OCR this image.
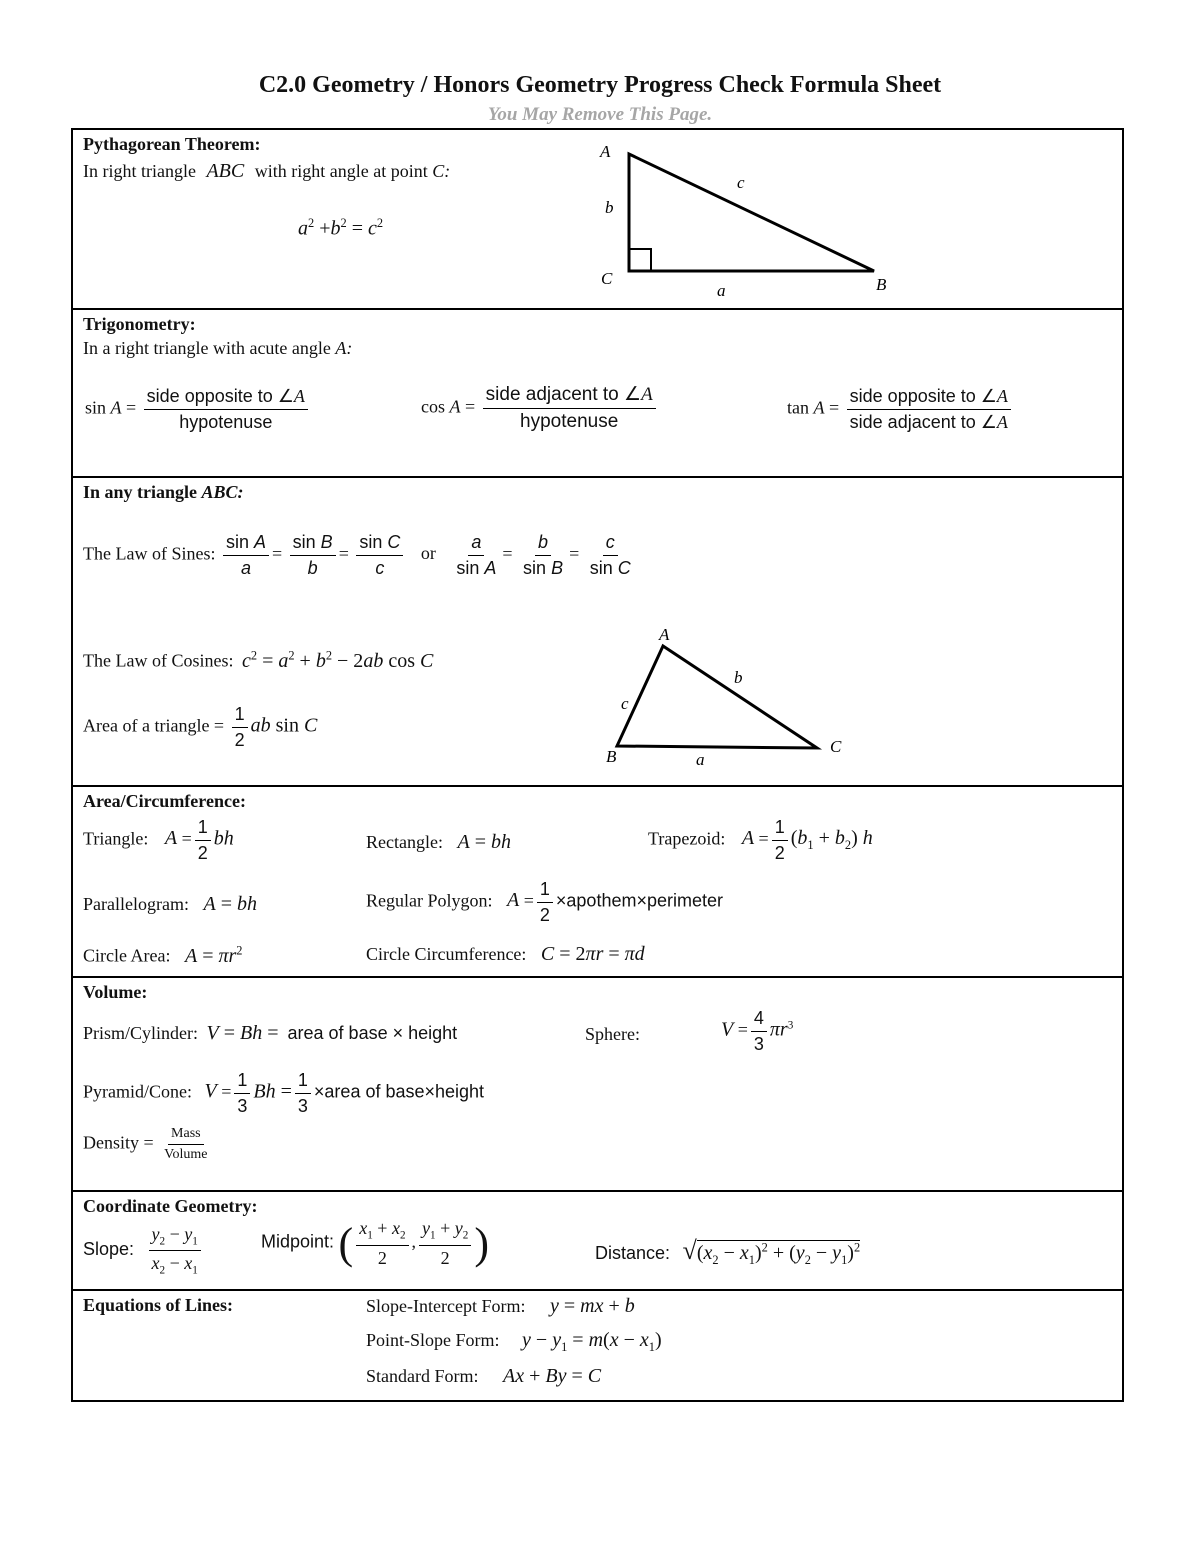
C2.0 Geometry / Honors Geometry Progress Check Formula Sheet
You May Remove This Page.
Pythagorean Theorem:
In right triangle ABC with right angle at point C:
$a^2 +b^2 = c^2$
A
C	B
b
c
a
Trigonometry:
In a right triangle with acute angle A:
$\sin A = \frac{\text{side opposite to ∠A}}{\text{hypotenuse}}$	$\cos A = \frac{\text{side adjacent to ∠A}}{\text{hypotenuse}}$	$\tan A = \frac{\text{side opposite to ∠A}}{\text{side adjacent to ∠A}}$
In any triangle ABC:
The Law of Sines: $\frac{\text{sin A}}{a} = \frac{\text{sin B}}{b} = \frac{\text{sin C}}{c}$ or $\frac{a}{\text{sin A}} = \frac{b}{\text{sin B}} = \frac{c}{\text{sin C}}$
The Law of Cosines: $c^2 = a^2 + b^2 - 2ab$ cos C
Area of a triangle = $\frac{1}{2}$ ab sin C
A
B
C
c
b
a
Area/Circumference:
Triangle: $A = \frac{1}{2}$ bh	Rectangle: A = bh	Trapezoid: $A = \frac{1}{2} (b_1 + b_2)$ h
Parallelogram: A = bh	Regular Polygon: $A = \frac{1}{2}$ ×apothem×perimeter
Circle Area: $A = \pi r^2$	Circle Circumference: C = 2πr = πd
Volume:
Prism/Cylinder: V = Bh = area of base × height	Sphere:	$V = \frac{4}{3} \pi r^3$
Pyramid/Cone: $V = \frac{1}{3}$ $Bh = \frac{1}{3}$ ×area of base×height
Density = $\frac{\text{Mass}}{\text{Volume}}$
Coordinate Geometry:
Slope: $\frac{y_2 - y_1}{x_2 - x_1}$	Midpoint: ( $\frac{x_1 + x_2}{2}$ , $\frac{y_1 + y_2}{2}$ )	Distance: $√(x_2 - x_1)^2 + (y_2 - y_1)^2$
Equations of Lines:	Slope-Intercept Form: y = mx + b
Point-Slope Form: $y - y_1 = m(x - x_1)$
Standard Form: Ax + By = C
